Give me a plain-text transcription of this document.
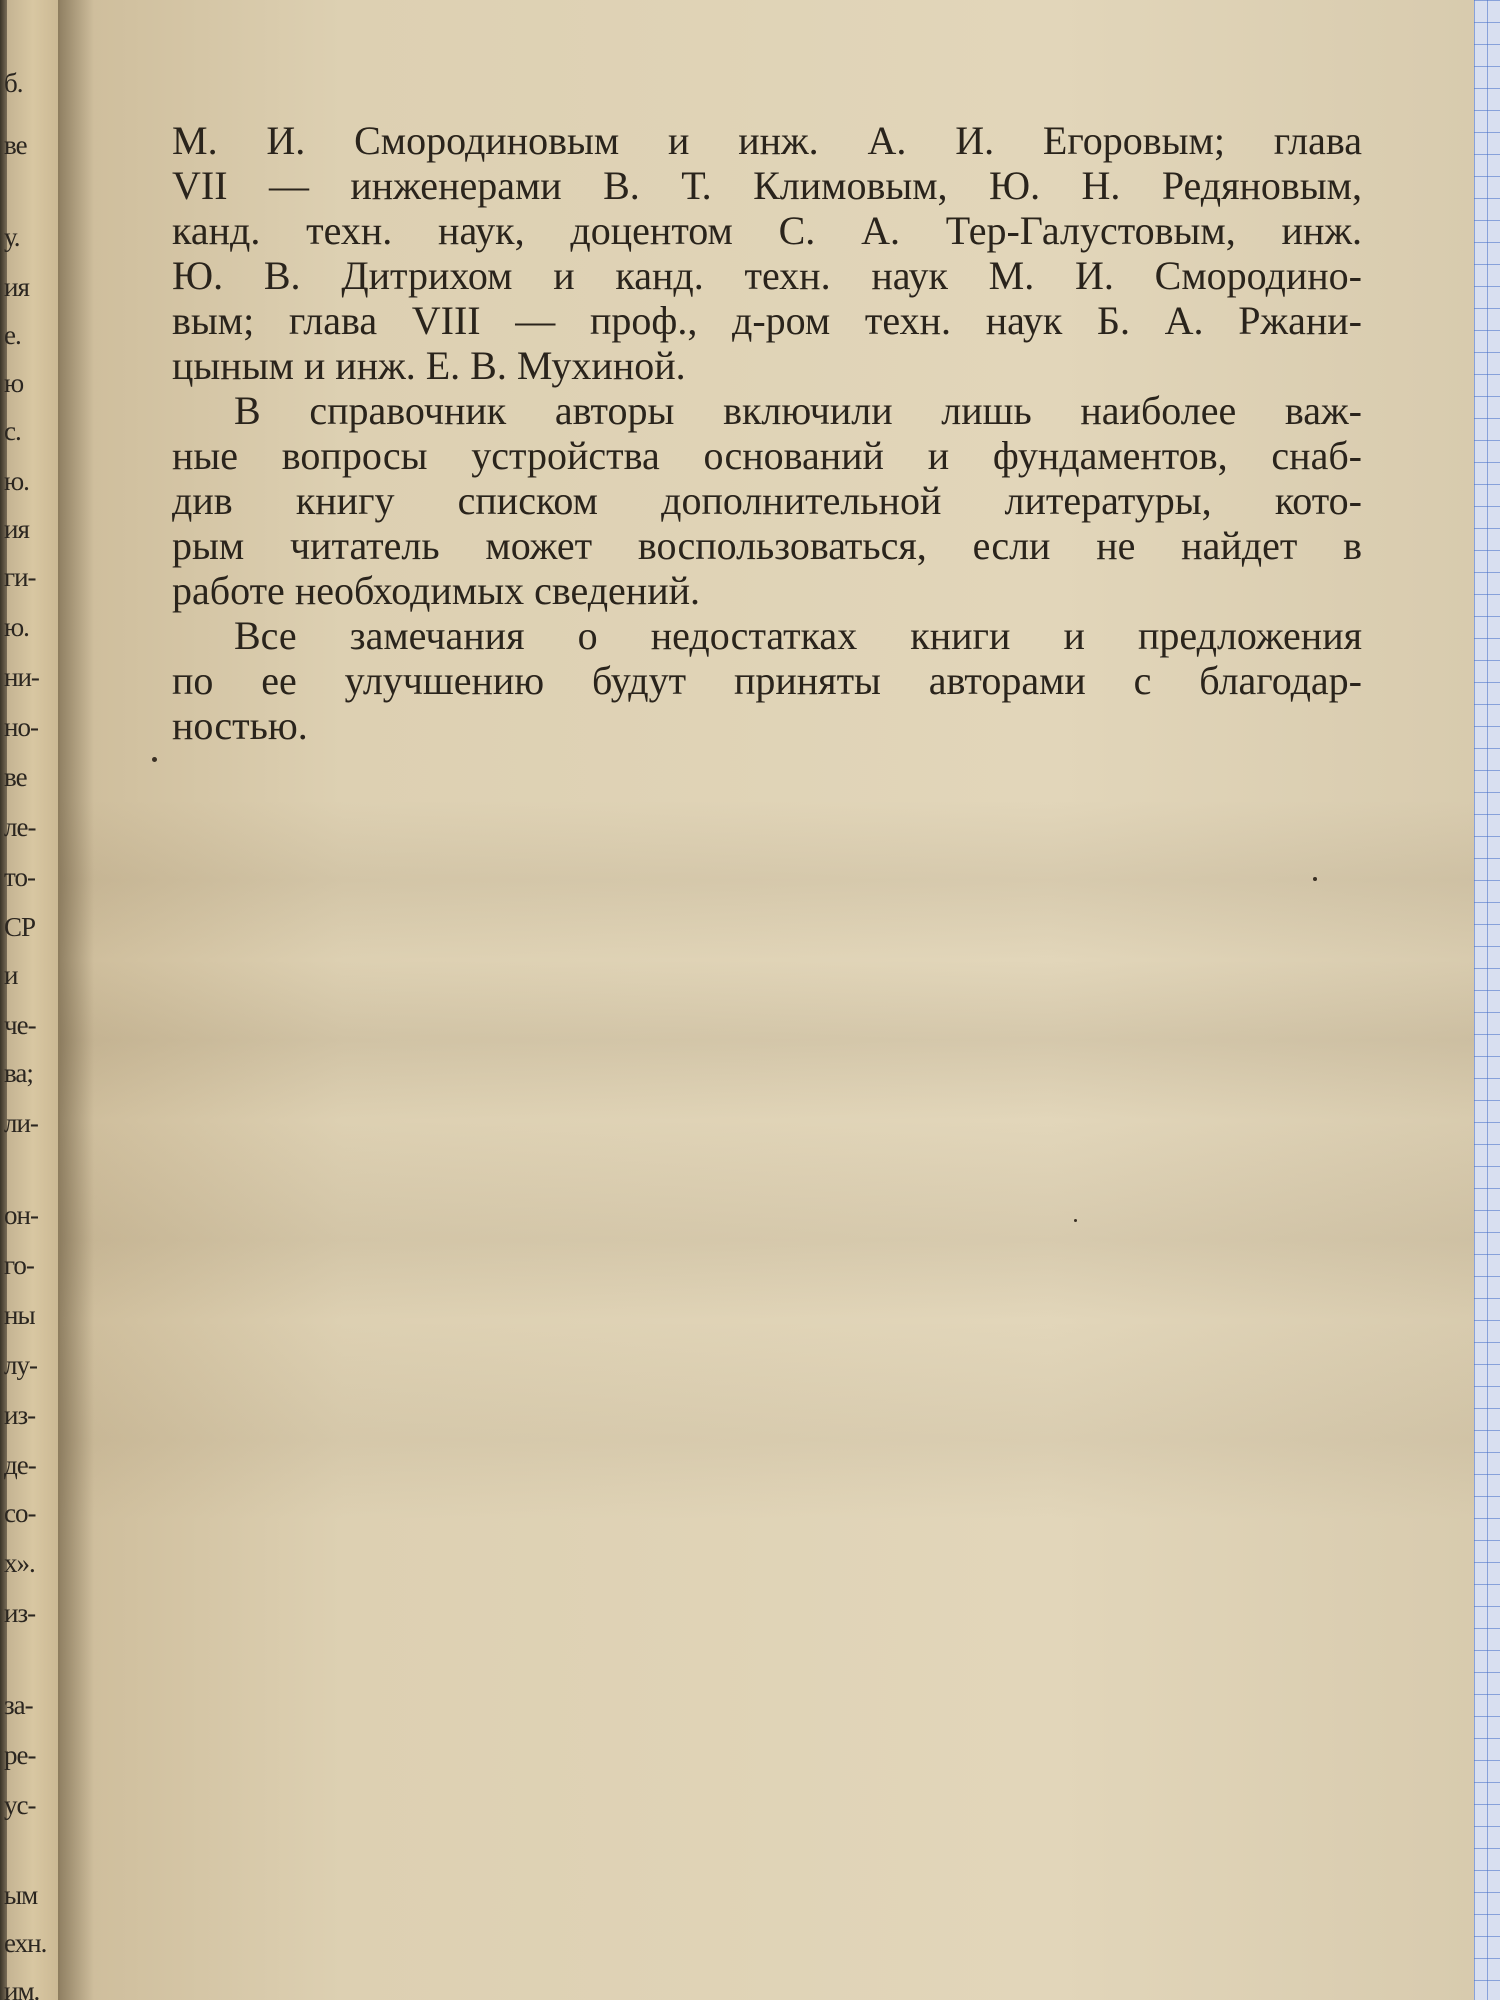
б.
ве
у.
ия
е.
ю
с.
ю.
ия
ги-
ю.
ни-
но-
ве
ле-
то-
СР
и
че-
ва;
ли-
он-
го-
ны
лу-
из-
де-
со-
х».
из-
за-
ре-
ус-
ым
ехн.
им.
М. И. Смородиновым и инж. А. И. Егоровым; глава
VII — инженерами В. Т. Климовым, Ю. Н. Редяновым,
канд. техн. наук, доцентом С. А. Тер-Галустовым, инж.
Ю. В. Дитрихом и канд. техн. наук М. И. Смородино-
вым; глава VIII — проф., д-ром техн. наук Б. А. Ржани-
цыным и инж. Е. В. Мухиной.
В справочник авторы включили лишь наиболее важ-
ные вопросы устройства оснований и фундаментов, снаб-
див книгу списком дополнительной литературы, кото-
рым читатель может воспользоваться, если не найдет в
работе необходимых сведений.
Все замечания о недостатках книги и предложения
по ее улучшению будут приняты авторами с благодар-
ностью.
